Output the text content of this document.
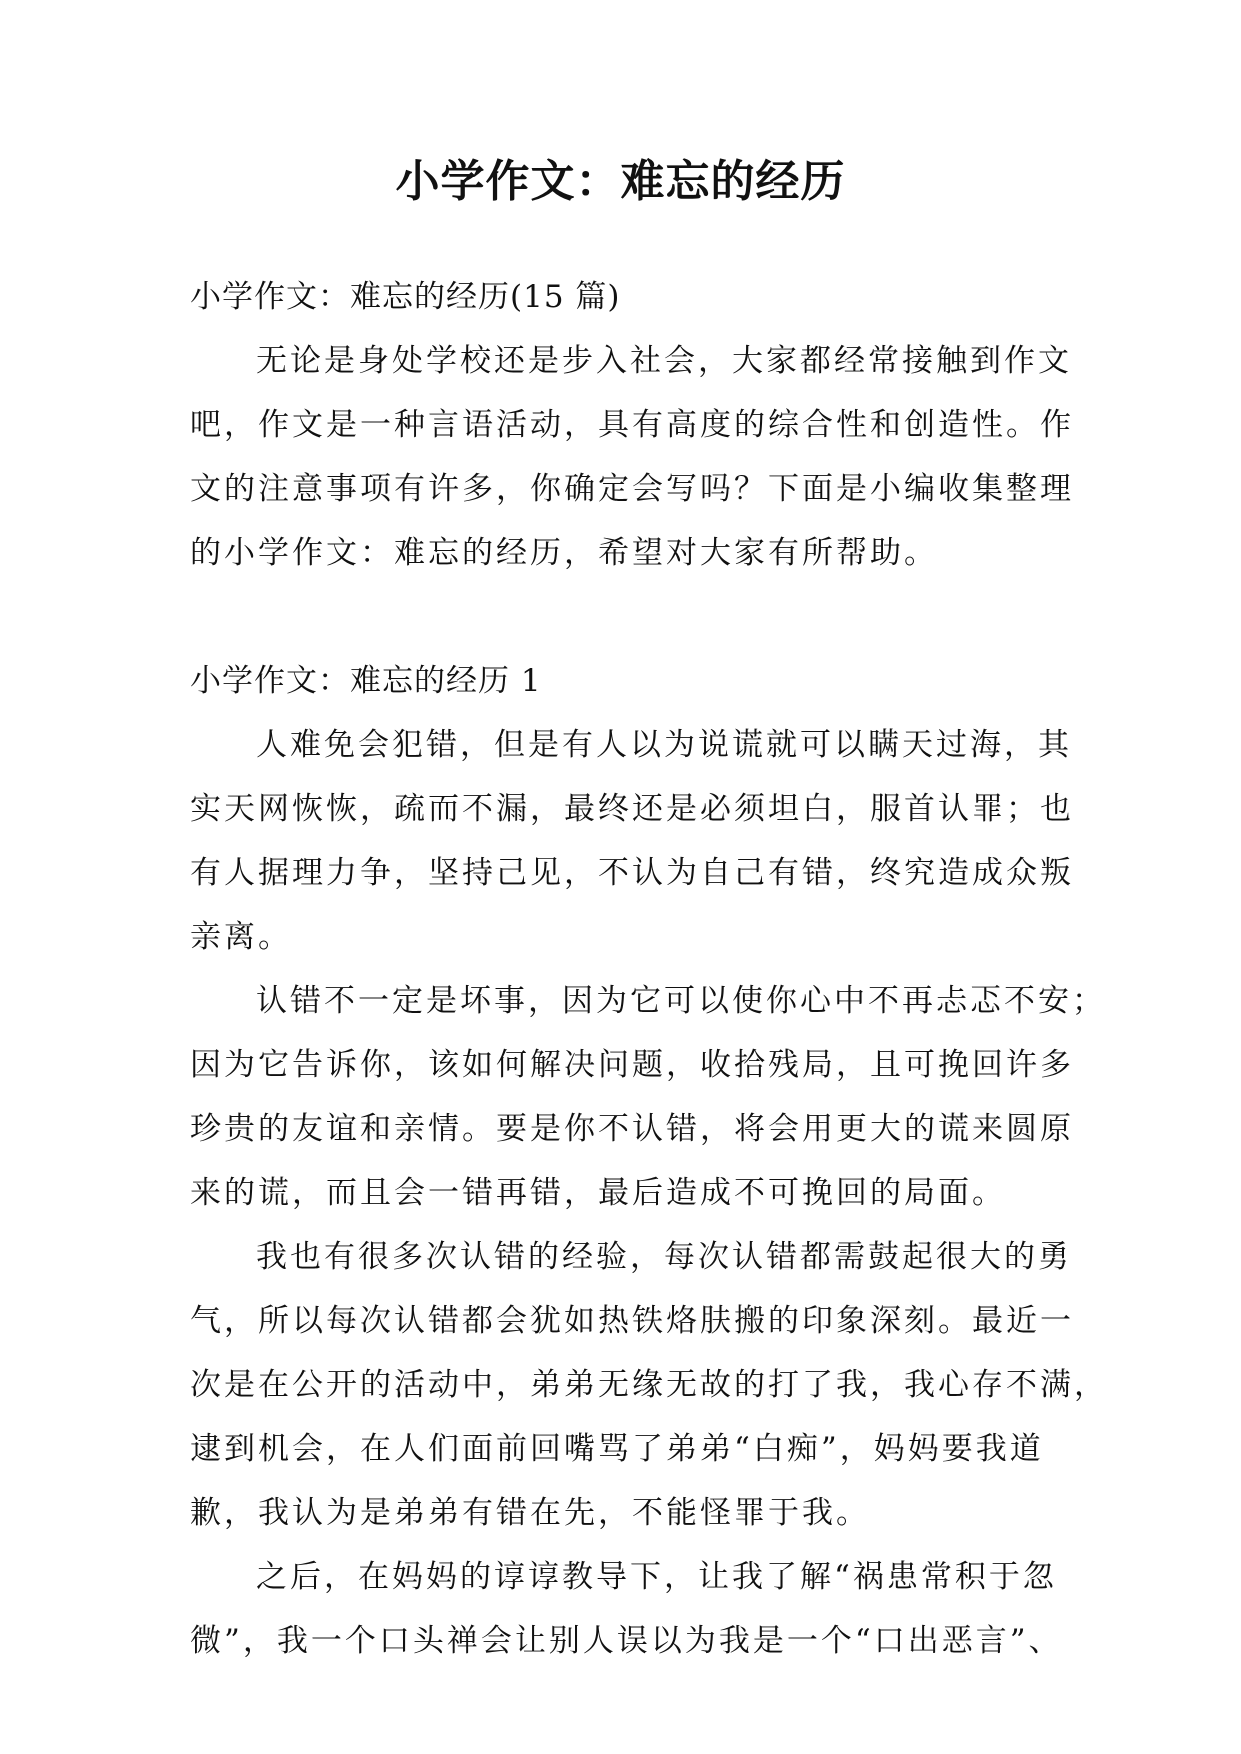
小学作文：难忘的经历
小学作文：难忘的经历(15 篇)
无论是身处学校还是步入社会，大家都经常接触到作文
吧，作文是一种言语活动，具有高度的综合性和创造性。作
文的注意事项有许多，你确定会写吗？下面是小编收集整理
的小学作文：难忘的经历，希望对大家有所帮助。
小学作文：难忘的经历 1
人难免会犯错，但是有人以为说谎就可以瞒天过海，其
实天网恢恢，疏而不漏，最终还是必须坦白，服首认罪；也
有人据理力争，坚持己见，不认为自己有错，终究造成众叛
亲离。
认错不一定是坏事，因为它可以使你心中不再忐忑不安；
因为它告诉你，该如何解决问题，收拾残局，且可挽回许多
珍贵的友谊和亲情。要是你不认错，将会用更大的谎来圆原
来的谎，而且会一错再错，最后造成不可挽回的局面。
我也有很多次认错的经验，每次认错都需鼓起很大的勇
气，所以每次认错都会犹如热铁烙肤搬的印象深刻。最近一
次是在公开的活动中，弟弟无缘无故的打了我，我心存不满，
逮到机会，在人们面前回嘴骂了弟弟“白痴”，妈妈要我道
歉，我认为是弟弟有错在先，不能怪罪于我。
之后，在妈妈的谆谆教导下，让我了解“祸患常积于忽
微”，我一个口头禅会让别人误以为我是一个“口出恶言”、
